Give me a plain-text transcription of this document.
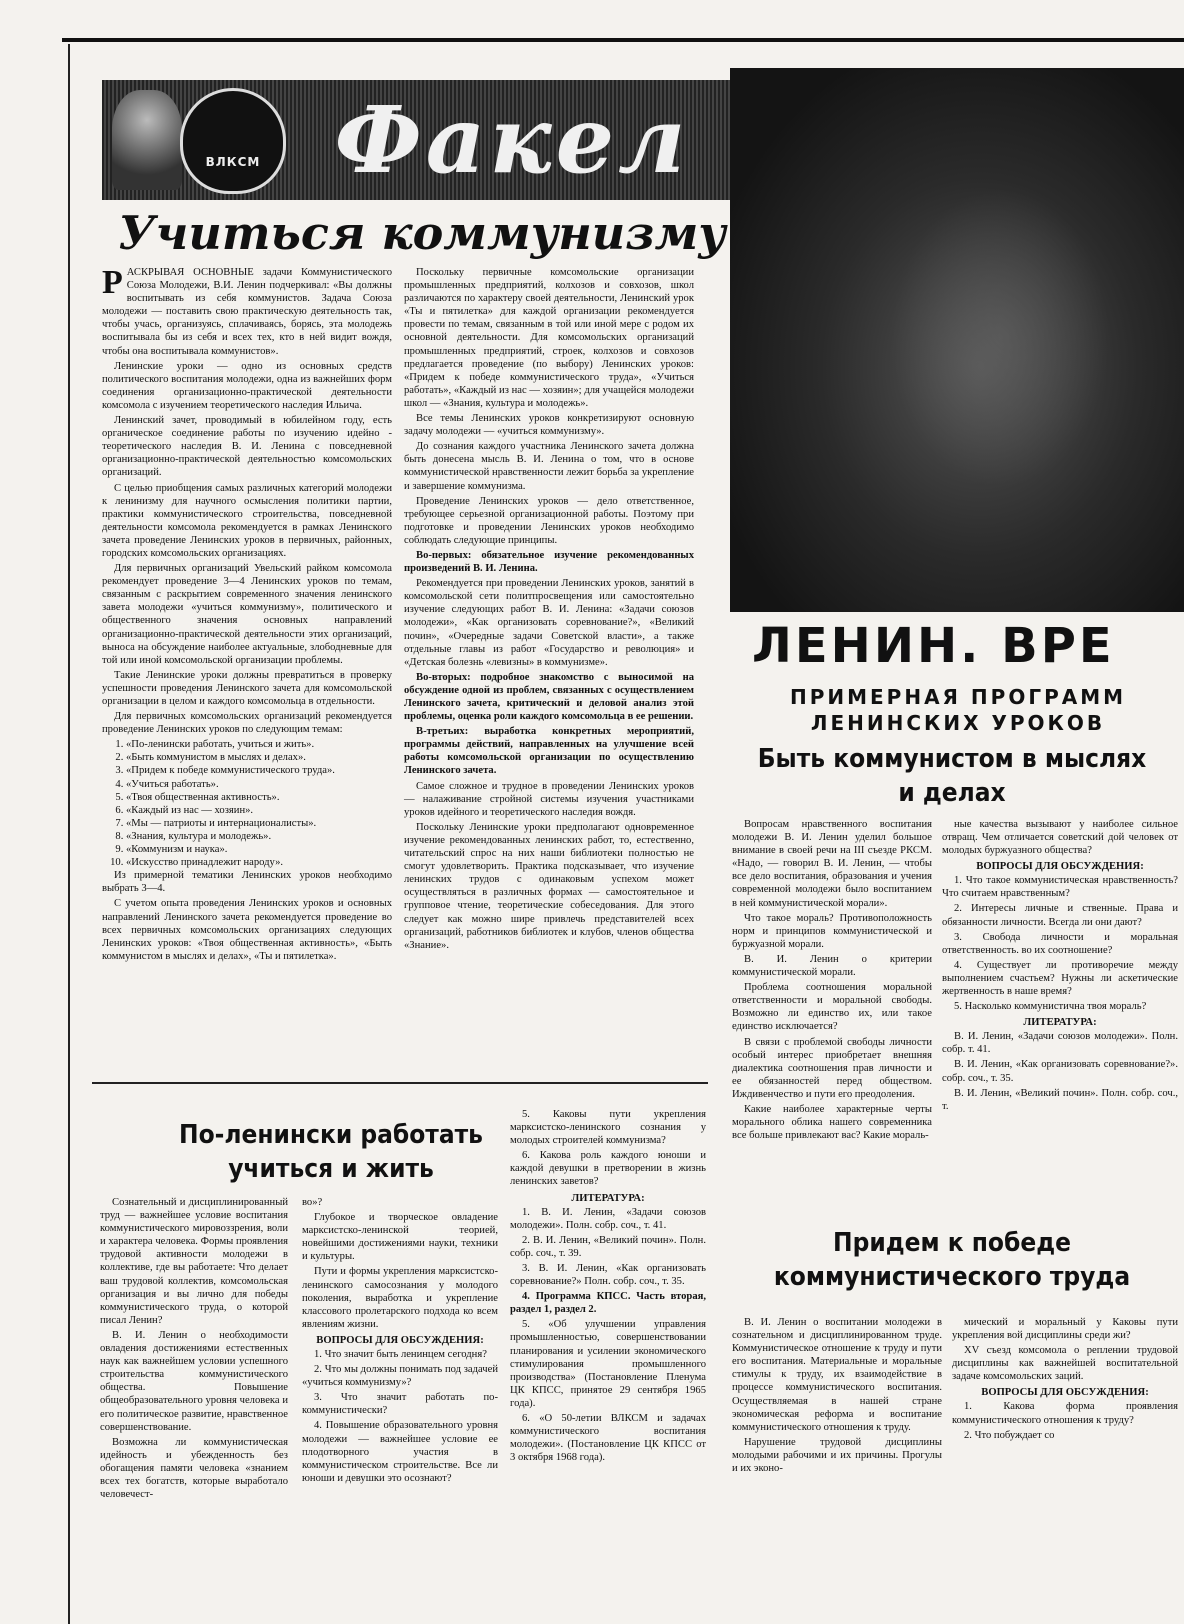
ВЛКСМ Факел
Учиться коммунизму

РАСКРЫВАЯ ОСНОВНЫЕ задачи Коммунистического Союза Молодежи, В.И. Ленин подчеркивал: «Вы должны воспитывать из себя коммунистов. Задача Союза молодежи — поставить свою практическую деятельность так, чтобы учась, организуясь, сплачиваясь, борясь, эта молодежь воспитывала бы из себя и всех тех, кто в ней видит вождя, чтобы она воспитывала коммунистов».

Ленинские уроки — одно из основных средств политического воспитания молодежи, одна из важнейших форм соединения организационно-практической деятельности комсомола с изучением теоретического наследия Ильича.

Ленинский зачет, проводимый в юбилейном году, есть органическое соединение работы по изучению идейно - теоретического наследия В. И. Ленина с повседневной организационно-практической деятельностью комсомольских организаций.

С целью приобщения самых различных категорий молодежи к ленинизму для научного осмысления политики партии, практики коммунистического строительства, повседневной деятельности комсомола рекомендуется в рамках Ленинского зачета проведение Ленинских уроков в первичных, районных, городских комсомольских организациях.

Для первичных организаций Увельский райком комсомола рекомендует проведение 3—4 Ленинских уроков по темам, связанным с раскрытием современного значения ленинского завета молодежи «учиться коммунизму», политического и общественного значения основных направлений организационно-практической деятельности этих организаций, выноса на обсуждение наиболее актуальные, злободневные для той или иной комсомольской организации проблемы.

Такие Ленинские уроки должны превратиться в проверку успешности проведения Ленинского зачета для комсомольской организации в целом и каждого комсомольца в отдельности.

Для первичных комсомольских организаций рекомендуется проведение Ленинских уроков по следующим темам:

1. «По-ленински работать, учиться и жить».
2. «Быть коммунистом в мыслях и делах».
3. «Придем к победе коммунистического труда».
4. «Учиться работать».
5. «Твоя общественная активность».
6. «Каждый из нас — хозяин».
7. «Мы — патриоты и интернационалисты».
8. «Знания, культура и молодежь».
9. «Коммунизм и наука».
10. «Искусство принадлежит народу».

Из примерной тематики Ленинских уроков необходимо выбрать 3—4.

С учетом опыта проведения Ленинских уроков и основных направлений Ленинского зачета рекомендуется проведение во всех первичных комсомольских организациях следующих Ленинских уроков: «Твоя общественная активность», «Быть коммунистом в мыслях и делах», «Ты и пятилетка».

Поскольку первичные комсомольские организации промышленных предприятий, колхозов и совхозов, школ различаются по характеру своей деятельности, Ленинский урок «Ты и пятилетка» для каждой организации рекомендуется провести по темам, связанным в той или иной мере с родом их основной деятельности. Для комсомольских организаций промышленных предприятий, строек, колхозов и совхозов предлагается проведение (по выбору) Ленинских уроков: «Придем к победе коммунистического труда», «Учиться работать», «Каждый из нас — хозяин»; для учащейся молодежи школ — «Знания, культура и молодежь».

Все темы Ленинских уроков конкретизируют основную задачу молодежи — «учиться коммунизму».

До сознания каждого участника Ленинского зачета должна быть донесена мысль В. И. Ленина о том, что в основе коммунистической нравственности лежит борьба за укрепление и завершение коммунизма.

Проведение Ленинских уроков — дело ответственное, требующее серьезной организационной работы. Поэтому при подготовке и проведении Ленинских уроков необходимо соблюдать следующие принципы.

Во-первых: обязательное изучение рекомендованных произведений В. И. Ленина.

Рекомендуется при проведении Ленинских уроков, занятий в комсомольской сети политпросвещения или самостоятельно изучение следующих работ В. И. Ленина: «Задачи союзов молодежи», «Как организовать соревнование?», «Великий почин», «Очередные задачи Советской власти», а также отдельные главы из работ «Государство и революция» и «Детская болезнь «левизны» в коммунизме».

Во-вторых: подробное знакомство с выносимой на обсуждение одной из проблем, связанных с осуществлением Ленинского зачета, критический и деловой анализ этой проблемы, оценка роли каждого комсомольца в ее решении.

В-третьих: выработка конкретных мероприятий, программы действий, направленных на улучшение всей работы комсомольской организации по осуществлению Ленинского зачета.

Самое сложное и трудное в проведении Ленинских уроков — налаживание стройной системы изучения участниками уроков идейного и теоретического наследия вождя.

Поскольку Ленинские уроки предполагают одновременное изучение рекомендованных ленинских работ, то, естественно, читательский спрос на них наши библиотеки полностью не смогут удовлетворить. Практика подсказывает, что изучение ленинских трудов с одинаковым успехом может осуществляться в различных формах — самостоятельное и групповое чтение, теоретические собеседования. Для этого следует как можно шире привлечь представителей всех организаций, работников библиотек и клубов, членов общества «Знание».

ЛЕНИН. ВРЕ
ПРИМЕРНАЯ ПРОГРАММ
ЛЕНИНСКИХ УРОКОВ
Быть коммунистом в мыслях и делах

Вопросам нравственного воспитания молодежи В. И. Ленин уделил большое внимание в своей речи на III съезде РКСМ. «Надо, — говорил В. И. Ленин, — чтобы все дело воспитания, образования и учения современной молодежи было воспитанием в ней коммунистической морали».

Что такое мораль? Противоположность норм и принципов коммунистической и буржуазной морали.

В. И. Ленин о критерии коммунистической морали.

Проблема соотношения моральной ответственности и моральной свободы. Возможно ли единство их, или такое единство исключается?

В связи с проблемой свободы личности особый интерес приобретает внешняя диалектика соотношения прав личности и ее обязанностей перед обществом. Иждивенчество и пути его преодоления.

Какие наиболее характерные черты морального облика нашего современника все больше привлекают вас? Какие мораль-

ные качества вызывают у наиболее сильное отвращ. Чем отличается советский дой человек от молодых буржуазного общества?

ВОПРОСЫ ДЛЯ ОБСУЖДЕНИЯ:

1. Что такое коммунистическая нравственность? Что считаем нравственным?

2. Интересы личные и ственные. Права и обязанности личности. Всегда ли они дают?

3. Свобода личности и моральная ответственность. во их соотношение?

4. Существует ли противоречие между выполнением счастьем? Нужны ли аскетические жертвенность в наше время?

5. Насколько коммунистична твоя мораль?

ЛИТЕРАТУРА:

В. И. Ленин, «Задачи союзов молодежи». Полн. собр. т. 41.

В. И. Ленин, «Как организовать соревнование?». собр. соч., т. 35.

В. И. Ленин, «Великий почин». Полн. собр. соч., т.

Придем к победе коммунистического труда

В. И. Ленин о воспитании молодежи в сознательном и дисциплинированном труде. Коммунистическое отношение к труду и пути его воспитания. Материальные и моральные стимулы к труду, их взаимодействие в процессе коммунистического воспитания. Осуществляемая в нашей стране экономическая реформа и воспитание коммунистического отношения к труду.

Нарушение трудовой дисциплины молодыми рабочими и их причины. Прогулы и их эконо-

мический и моральный у Каковы пути укрепления вой дисциплины среди жи?

XV съезд комсомола о реплении трудовой дисциплины как важнейшей воспитательной задаче комсомольских заций.

ВОПРОСЫ ДЛЯ ОБСУЖДЕНИЯ:

1. Какова форма проявления коммунистического отношения к труду?

2. Что побуждает со

По-ленински работать учиться и жить

Сознательный и дисциплинированный труд — важнейшее условие воспитания коммунистического мировоззрения, воли и характера человека. Формы проявления трудовой активности молодежи в коллективе, где вы работаете: Что делает ваш трудовой коллектив, комсомольская организация и вы лично для победы коммунистического труда, о которой писал Ленин?

В. И. Ленин о необходимости овладения достижениями естественных наук как важнейшем условии успешного строительства коммунистического общества. Повышение общеобразовательного уровня человека и его политическое развитие, нравственное совершенствование.

Возможна ли коммунистическая идейность и убежденность без обогащения памяти человека «знанием всех тех богатств, которые выработало человечест-

во»?

Глубокое и творческое овладение марксистско-ленинской теорией, новейшими достижениями науки, техники и культуры.

Пути и формы укрепления марксистско-ленинского самосознания у молодого поколения, выработка и укрепление классового пролетарского подхода ко всем явлениям жизни.

ВОПРОСЫ ДЛЯ ОБСУЖДЕНИЯ:

1. Что значит быть ленинцем сегодня?

2. Что мы должны понимать под задачей «учиться коммунизму»?

3. Что значит работать по-коммунистически?

4. Повышение образовательного уровня молодежи — важнейшее условие ее плодотворного участия в коммунистическом строительстве. Все ли юноши и девушки это осознают?

5. Каковы пути укрепления марксистско-ленинского сознания у молодых строителей коммунизма?

6. Какова роль каждого юноши и каждой девушки в претворении в жизнь ленинских заветов?

ЛИТЕРАТУРА:

1. В. И. Ленин, «Задачи союзов молодежи». Полн. собр. соч., т. 41.

2. В. И. Ленин, «Великий почин». Полн. собр. соч., т. 39.

3. В. И. Ленин, «Как организовать соревнование?» Полн. собр. соч., т. 35.

4. Программа КПСС. Часть вторая, раздел 1, раздел 2.

5. «Об улучшении управления промышленностью, совершенствовании планирования и усилении экономического стимулирования промышленного производства» (Постановление Пленума ЦК КПСС, принятое 29 сентября 1965 года).

6. «О 50-летии ВЛКСМ и задачах коммунистического воспитания молодежи». (Постановление ЦК КПСС от 3 октября 1968 года).
